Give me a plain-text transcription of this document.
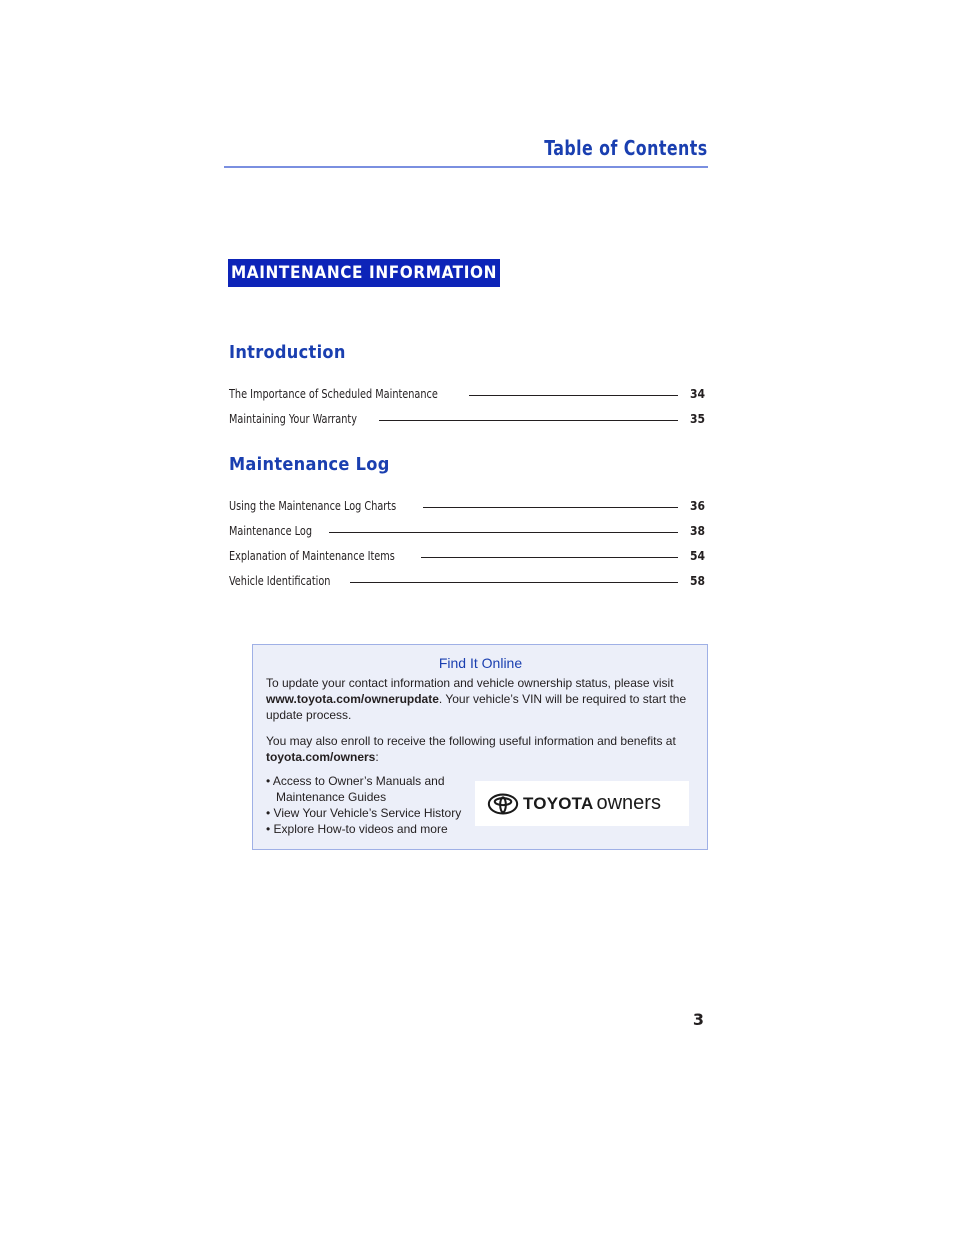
Table of Contents
MAINTENANCE INFORMATION
Introduction
The Importance of Scheduled Maintenance	34
Maintaining Your Warranty	35
Maintenance Log
Using the Maintenance Log Charts	36
Maintenance Log	38
Explanation of Maintenance Items	54
Vehicle Identification	58
Find It Online

To update your contact information and vehicle ownership status, please visit www.toyota.com/ownerupdate. Your vehicle’s VIN will be required to start the update process.

You may also enroll to receive the following useful information and benefits at toyota.com/owners:

• Access to Owner’s Manuals and Maintenance Guides
• View Your Vehicle’s Service History
• Explore How-to videos and more
TOYOTA owners
3
